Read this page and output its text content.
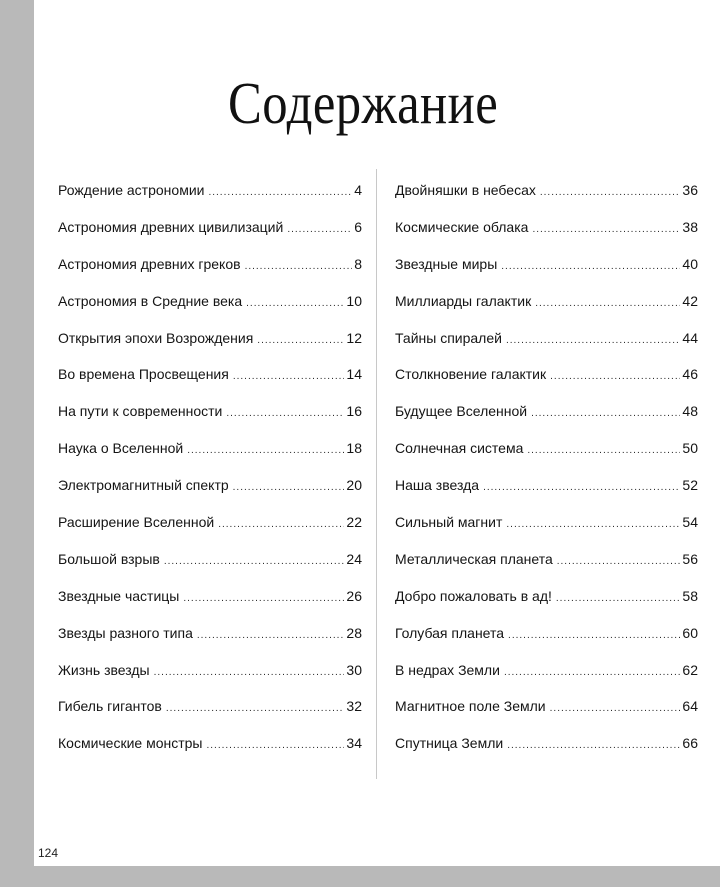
Содержание
Рождение астрономии .....	4
Астрономия древних цивилизаций .....	6
Астрономия древних греков .....	8
Астрономия в Средние века .....	10
Открытия эпохи Возрождения .....	12
Во времена Просвещения .....	14
На пути к современности .....	16
Наука о Вселенной .....	18
Электромагнитный спектр .....	20
Расширение Вселенной .....	22
Большой взрыв .....	24
Звездные частицы .....	26
Звезды разного типа .....	28
Жизнь звезды .....	30
Гибель гигантов .....	32
Космические монстры .....	34
Двойняшки в небесах .....	36
Космические облака .....	38
Звездные миры .....	40
Миллиарды галактик .....	42
Тайны спиралей .....	44
Столкновение галактик .....	46
Будущее Вселенной .....	48
Солнечная система .....	50
Наша звезда .....	52
Сильный магнит .....	54
Металлическая планета .....	56
Добро пожаловать в ад! .....	58
Голубая планета .....	60
В недрах Земли .....	62
Магнитное поле Земли .....	64
Спутница Земли .....	66
124
